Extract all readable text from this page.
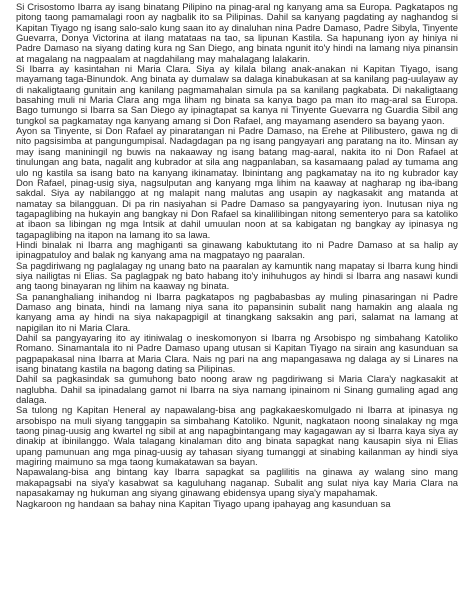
Si Crisostomo Ibarra ay isang binatang Pilipino na pinag-aral ng kanyang ama sa Europa. Pagkatapos ng pitong taong pamamalagi roon ay nagbalik ito sa Pilipinas. Dahil sa kanyang pagdating ay naghandog si Kapitan Tiyago ng isang salo-salo kung saan ito ay dinaluhan nina Padre Damaso, Padre Sibyla, Tinyente Guevarra, Donya Victorina at ilang matataas na tao, sa lipunan Kastila. Sa hapunang iyon ay hiniya ni Padre Damaso na siyang dating kura ng San Diego, ang binata ngunit ito'y hindi na lamang niya pinansin at magalang na nagpaalam at nagdahilang may mahalagang lalakarin.

Si Ibarra ay kasintahan ni Maria Clara. Siya ay kilala bilang anak-anakan ni Kapitan Tiyago, isang mayamang taga-Binundok. Ang binata ay dumalaw sa dalaga kinabukasan at sa kanilang pag-uulayaw ay di nakaligtaang gunitain ang kanilang pagmamahalan simula pa sa kanilang pagkabata. Di nakaligtaang basahing muli ni Maria Clara ang mga liham ng binata sa kanya bago pa man ito mag-aral sa Europa. Bago tumungo si Ibarra sa San Diego ay ipinagtapat sa kanya ni Tinyente Guevarra ng Guardia Sibil ang tungkol sa pagkamatay nga kanyang amang si Don Rafael, ang mayamang asendero sa bayang yaon.

Ayon sa Tinyente, si Don Rafael ay pinaratangan ni Padre Damaso, na Erehe at Pilibustero, gawa ng di nito pagsisimba at pangungumpisal. Nadagdagan pa ng isang pangyayari ang paratang na ito. Minsan ay may isang maniningil ng buwis na nakaaway ng isang batang mag-aaral, nakita ito ni Don Rafael at tinulungan ang bata, nagalit ang kubrador at sila ang nagpanlaban, sa kasamaang palad ay tumama ang ulo ng kastila sa isang bato na kanyang ikinamatay. Ibinintang ang pagkamatay na ito ng kubrador kay Don Rafael, pinag-usig siya, nagsulputan ang kanyang mga lihim na kaaway at nagharap ng iba-ibang sakdal. Siya ay nabilanggo at ng malapit nang malutas ang usapin ay nagkasakit ang matanda at namatay sa bilangguan. Di pa rin nasiyahan si Padre Damaso sa pangyayaring iyon. Inutusan niya ng tagapaglibing na hukayin ang bangkay ni Don Rafael sa kinalilibingan nitong sementeryo para sa katoliko at ibaon sa libingan ng mga Intsik at dahil umuulan noon at sa kabigatan ng bangkay ay ipinasya ng tagapaglibing na itapon na lamang ito sa lawa.

Hindi binalak ni Ibarra ang maghiganti sa ginawang kabuktutang ito ni Padre Damaso at sa halip ay ipinagpatuloy and balak ng kanyang ama na magpatayo ng paaralan.

Sa pagdiriwang ng paglalagay ng unang bato na paaralan ay kamuntik nang mapatay si Ibarra kung hindi siya nailigtas ni Elias. Sa paglagpak ng bato habang ito'y inihuhugos ay hindi si Ibarra ang nasawi kundi ang taong binayaran ng lihim na kaaway ng binata.

Sa pananghaliang inihandog ni Ibarra pagkatapos ng pagbabasbas ay muling pinasaringan ni Padre Damaso ang binata, hindi na lamang niya sana ito papansinin subalit nang hamakin ang alaala ng kanyang ama ay hindi na siya nakapagpigil at tinangkang saksakin ang pari, salamat na lamang at napigilan ito ni Maria Clara.

Dahil sa pangyayaring ito ay itiniwalag o ineskomonyon si Ibarra ng Arsobispo ng simbahang Katoliko Romano. Sinamantala ito ni Padre Damaso upang utusan si Kapitan Tiyago na sirain ang kasunduan sa pagpapakasal nina Ibarra at Maria Clara. Nais ng pari na ang mapangasawa ng dalaga ay si Linares na isang binatang kastila na bagong dating sa Pilipinas.

Dahil sa pagkasindak sa gumuhong bato noong araw ng pagdiriwang si Maria Clara'y nagkasakit at naglubha. Dahil sa ipinadalang gamot ni Ibarra na siya namang ipinainom ni Sinang gumaling agad ang dalaga.

Sa tulong ng Kapitan Heneral ay napawalang-bisa ang pagkakaeskomulgado ni Ibarra at ipinasya ng arsobispo na muli siyang tanggapin sa simbahang Katoliko. Ngunit, nagkataon noong sinalakay ng mga taong pinag-uusig ang kwartel ng sibil at ang napagbintangang may kagagawan ay si Ibarra kaya siya ay dinakip at ibinilanggo. Wala talagang kinalaman dito ang binata sapagkat nang kausapin siya ni Elias upang pamunuan ang mga pinag-uusig ay tahasan siyang tumanggi at sinabing kailanman ay hindi siya magiring maimuno sa mga taong kumakatawan sa bayan.

Napawalang-bisa ang bintang kay Ibarra sapagkat sa paglilitis na ginawa ay walang sino mang makapagsabi na siya'y kasabwat sa kaguluhang naganap. Subalit ang sulat niya kay Maria Clara na napasakamay ng hukuman ang siyang ginawang ebidensya upang siya'y mapahamak.

Nagkaroon ng handaan sa bahay nina Kapitan Tiyago upang ipahayag ang kasunduan sa
